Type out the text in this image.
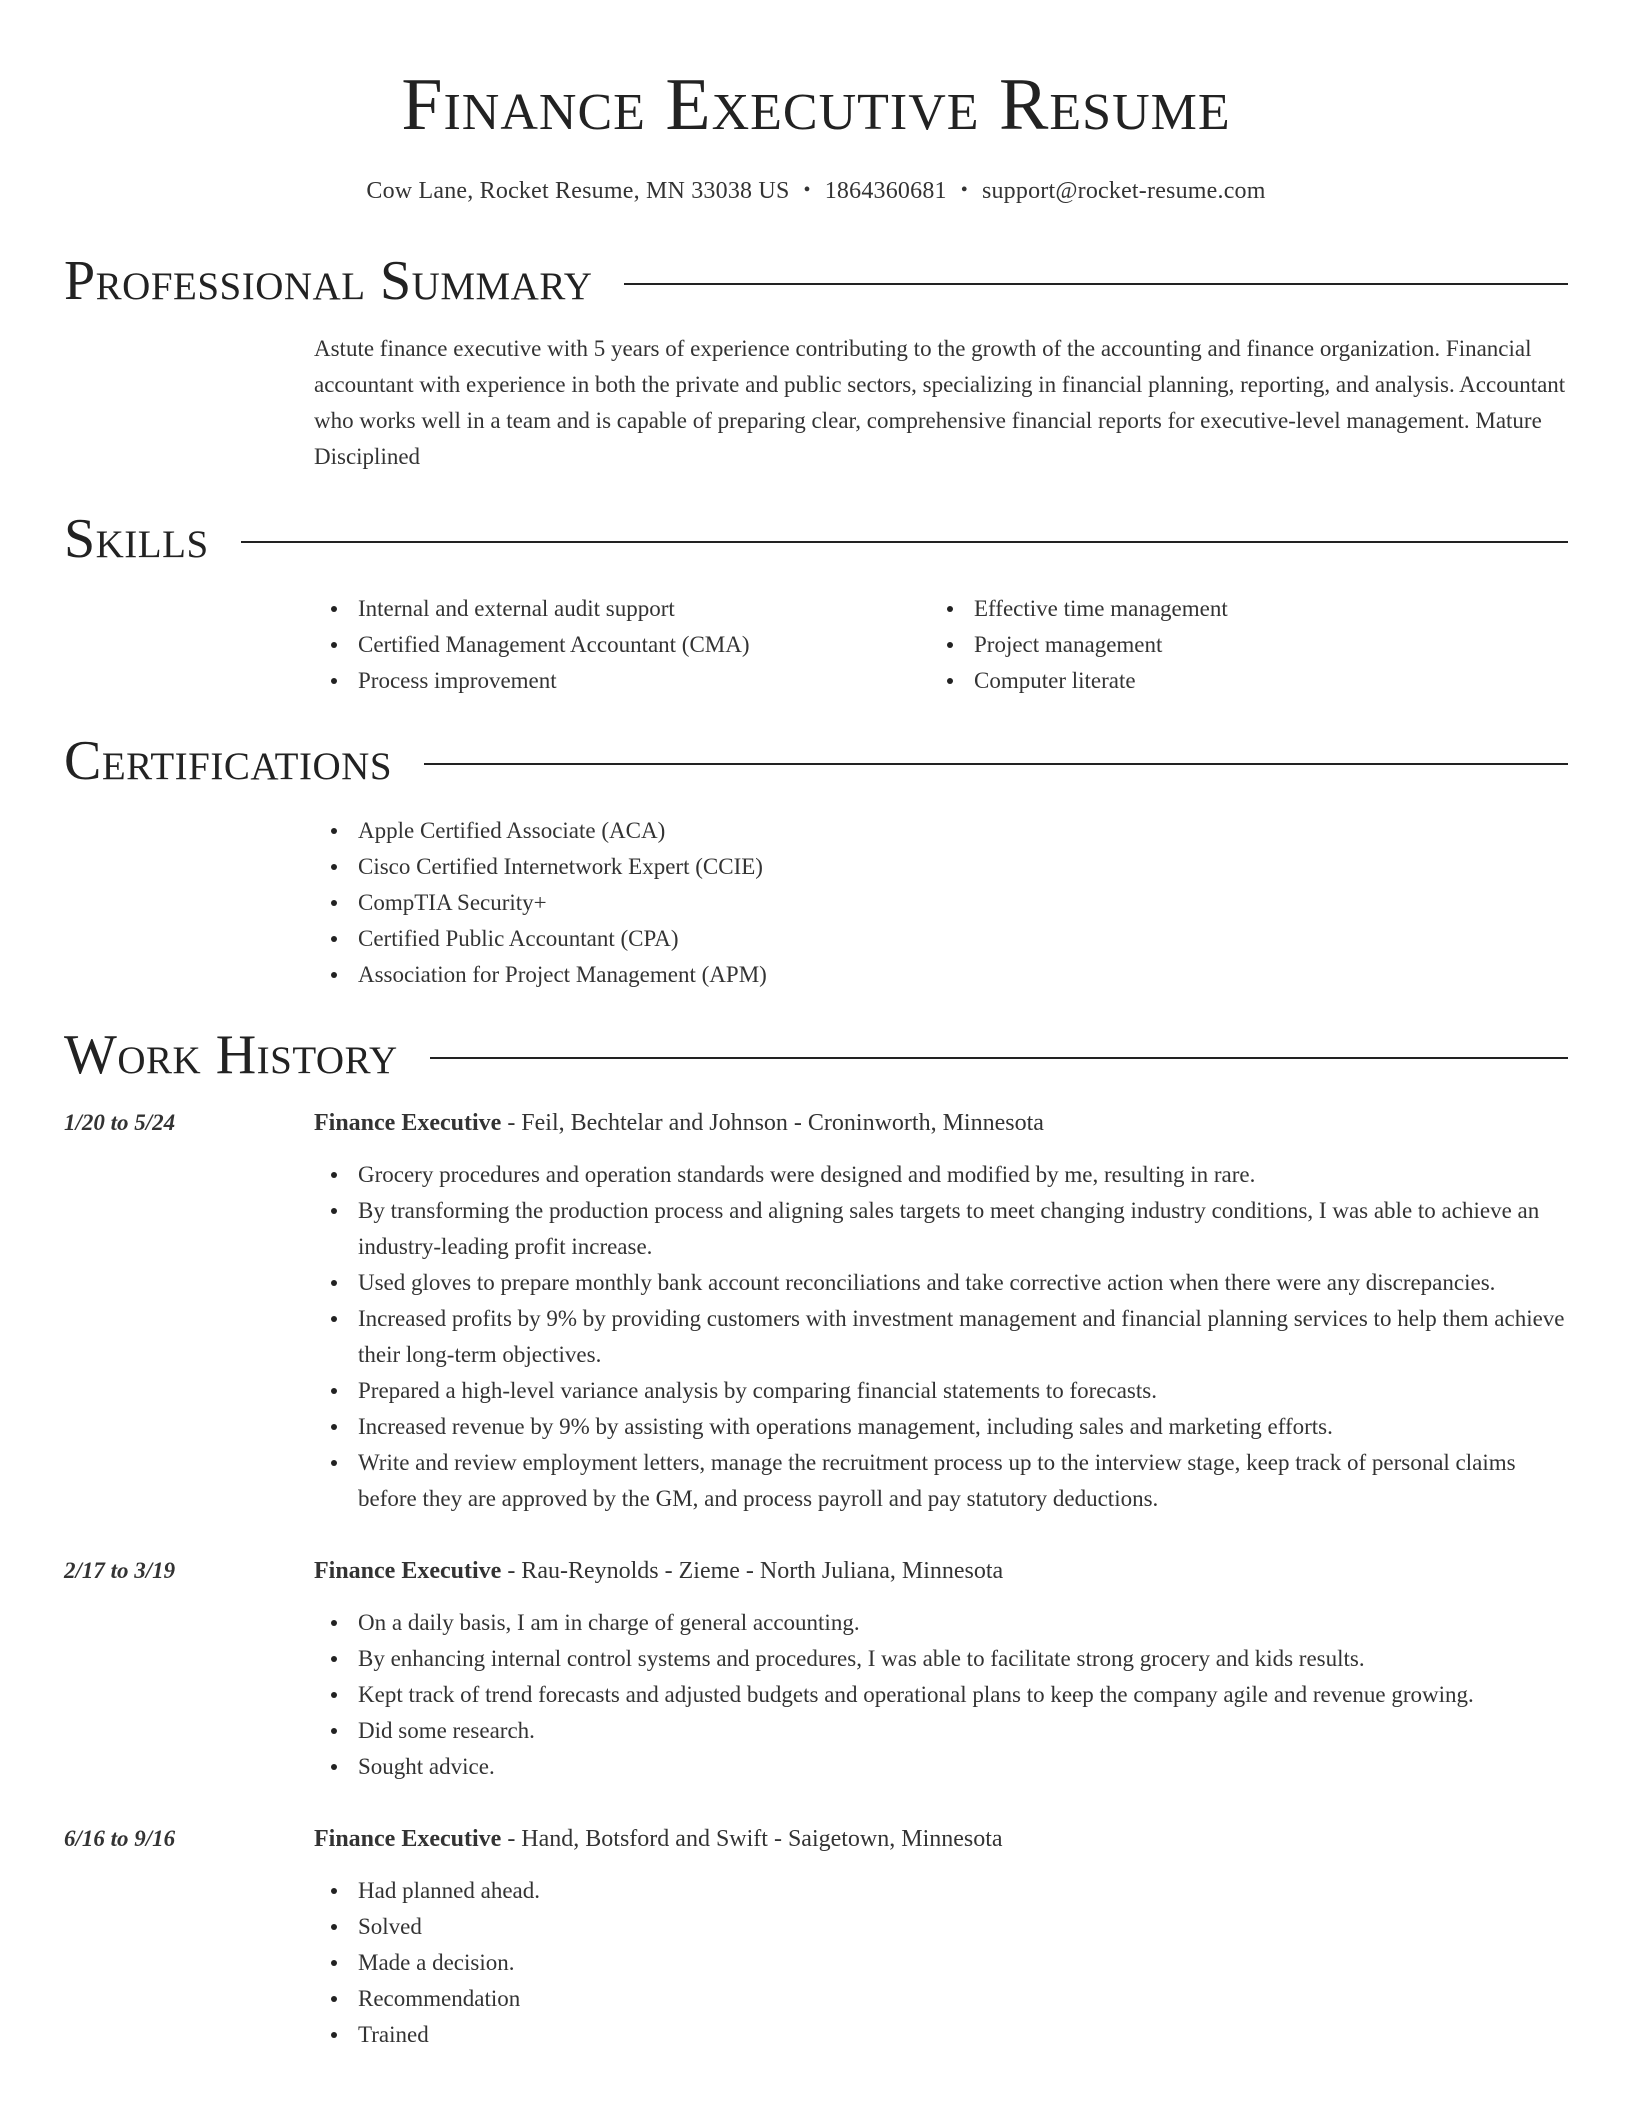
Finance Executive Resume
Cow Lane, Rocket Resume, MN 33038 US • 1864360681 • support@rocket-resume.com
Professional Summary

Astute finance executive with 5 years of experience contributing to the growth of the accounting and finance organization. Financial accountant with experience in both the private and public sectors, specializing in financial planning, reporting, and analysis. Accountant who works well in a team and is capable of preparing clear, comprehensive financial reports for executive-level management. Mature Disciplined

Skills
Internal and external audit support
Certified Management Accountant (CMA)
Process improvement
Effective time management
Project management
Computer literate
Certifications
Apple Certified Associate (ACA)
Cisco Certified Internetwork Expert (CCIE)
CompTIA Security+
Certified Public Accountant (CPA)
Association for Project Management (APM)
Work History
1/20 to 5/24	Finance Executive - Feil, Bechtelar and Johnson - Croninworth, Minnesota
Grocery procedures and operation standards were designed and modified by me, resulting in rare.
By transforming the production process and aligning sales targets to meet changing industry conditions, I was able to achieve an industry-leading profit increase.
Used gloves to prepare monthly bank account reconciliations and take corrective action when there were any discrepancies.
Increased profits by 9% by providing customers with investment management and financial planning services to help them achieve their long-term objectives.
Prepared a high-level variance analysis by comparing financial statements to forecasts.
Increased revenue by 9% by assisting with operations management, including sales and marketing efforts.
Write and review employment letters, manage the recruitment process up to the interview stage, keep track of personal claims before they are approved by the GM, and process payroll and pay statutory deductions.
2/17 to 3/19	Finance Executive - Rau-Reynolds - Zieme - North Juliana, Minnesota
On a daily basis, I am in charge of general accounting.
By enhancing internal control systems and procedures, I was able to facilitate strong grocery and kids results.
Kept track of trend forecasts and adjusted budgets and operational plans to keep the company agile and revenue growing.
Did some research.
Sought advice.
6/16 to 9/16	Finance Executive - Hand, Botsford and Swift - Saigetown, Minnesota
Had planned ahead.
Solved
Made a decision.
Recommendation
Trained
